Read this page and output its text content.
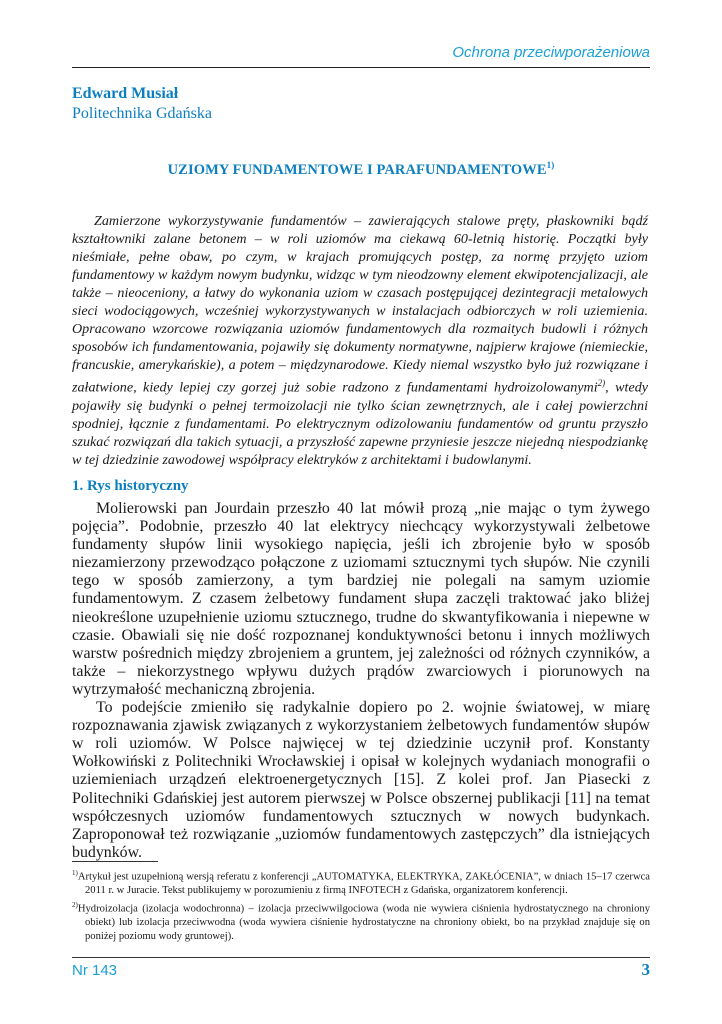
Ochrona przeciwporażeniowa
Edward Musiał
Politechnika Gdańska
UZIOMY FUNDAMENTOWE I PARAFUNDAMENTOWE$^{1)}$
Zamierzone wykorzystywanie fundamentów – zawierających stalowe pręty, płaskowniki bądź kształtowniki zalane betonem – w roli uziomów ma ciekawą 60-letnią historię. Początki były nieśmiałe, pełne obaw, po czym, w krajach promujących postęp, za normę przyjęto uziom fundamentowy w każdym nowym budynku, widząc w tym nieodzowny element ekwipotencjalizacji, ale także – nieoceniony, a łatwy do wykonania uziom w czasach postępującej dezintegracji metalowych sieci wodociągowych, wcześniej wykorzystywanych w instalacjach odbiorczych w roli uziemienia. Opracowano wzorcowe rozwiązania uziomów fundamentowych dla rozmaitych budowli i różnych sposobów ich fundamentowania, pojawiły się dokumenty normatywne, najpierw krajowe (niemieckie, francuskie, amerykańskie), a potem – międzynarodowe. Kiedy niemal wszystko było już rozwiązane i załatwione, kiedy lepiej czy gorzej już sobie radzono z fundamentami hydroizolowanymi$^{2)}$, wtedy pojawiły się budynki o pełnej termoizolacji nie tylko ścian zewnętrznych, ale i całej powierzchni spodniej, łącznie z fundamentami. Po elektrycznym odizolowaniu fundamentów od gruntu przyszło szukać rozwiązań dla takich sytuacji, a przyszłość zapewne przyniesie jeszcze niejedną niespodziankę w tej dziedzinie zawodowej współpracy elektryków z architektami i budowlanymi.
1. Rys historyczny

Molierowski pan Jourdain przeszło 40 lat mówił prozą „nie mając o tym żywego pojęcia”. Podobnie, przeszło 40 lat elektrycy niechcący wykorzystywali żelbetowe fundamenty słupów linii wysokiego napięcia, jeśli ich zbrojenie było w sposób niezamierzony przewodząco połączone z uziomami sztucznymi tych słupów. Nie czynili tego w sposób zamierzony, a tym bardziej nie polegali na samym uziomie fundamentowym. Z czasem żelbetowy fundament słupa zaczęli traktować jako bliżej nieokreślone uzupełnienie uziomu sztucznego, trudne do skwantyfikowania i niepewne w czasie. Obawiali się nie dość rozpoznanej konduktywności betonu i innych możliwych warstw pośrednich między zbrojeniem a gruntem, jej zależności od różnych czynników, a także – niekorzystnego wpływu dużych prądów zwarciowych i piorunowych na wytrzymałość mechaniczną zbrojenia.

To podejście zmieniło się radykalnie dopiero po 2. wojnie światowej, w miarę rozpoznawania zjawisk związanych z wykorzystaniem żelbetowych fundamentów słupów w roli uziomów. W Polsce najwięcej w tej dziedzinie uczynił prof. Konstanty Wołkowiński z Politechniki Wrocławskiej i opisał w kolejnych wydaniach monografii o uziemieniach urządzeń elektroenergetycznych [15]. Z kolei prof. Jan Piasecki z Politechniki Gdańskiej jest autorem pierwszej w Polsce obszernej publikacji [11] na temat współczesnych uziomów fundamentowych sztucznych w nowych budynkach. Zaproponował też rozwiązanie „uziomów fundamentowych zastępczych” dla istniejących budynków.

$^{1)}$Artykuł jest uzupełnioną wersją referatu z konferencji „AUTOMATYKA, ELEKTRYKA, ZAKŁÓCENIA”, w dniach 15–17 czerwca 2011 r. w Juracie. Tekst publikujemy w porozumieniu z firmą INFOTECH z Gdańska, organizatorem konferencji.
$^{2)}$Hydroizolacja (izolacja wodochronna) – izolacja przeciwwilgociowa (woda nie wywiera ciśnienia hydrostatycznego na chroniony obiekt) lub izolacja przeciwwodna (woda wywiera ciśnienie hydrostatyczne na chroniony obiekt, bo na przykład znajduje się on poniżej poziomu wody gruntowej).
Nr 143	3
